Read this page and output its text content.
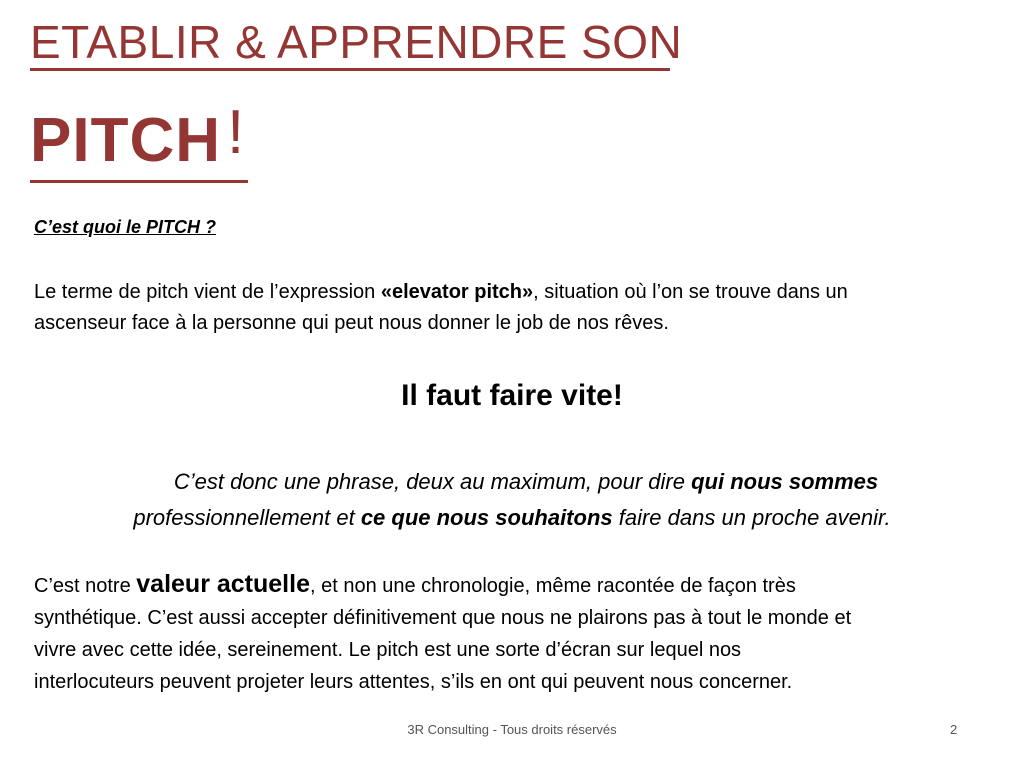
ETABLIR & APPRENDRE SON
PITCH!
C’est quoi le PITCH ?
Le terme de pitch vient de l’expression «elevator pitch», situation où l’on se trouve dans un
ascenseur face à la personne qui peut nous donner le job de nos rêves.
Il faut faire vite!
C’est donc une phrase, deux au maximum, pour dire qui nous sommes
professionnellement et ce que nous souhaitons faire dans un proche avenir.
C’est notre valeur actuelle, et non une chronologie, même racontée de façon très
synthétique. C’est aussi accepter définitivement que nous ne plairons pas à tout le monde et
vivre avec cette idée, sereinement. Le pitch est une sorte d’écran sur lequel nos
interlocuteurs peuvent projeter leurs attentes, s’ils en ont qui peuvent nous concerner.
3R Consulting - Tous droits réservés	2
